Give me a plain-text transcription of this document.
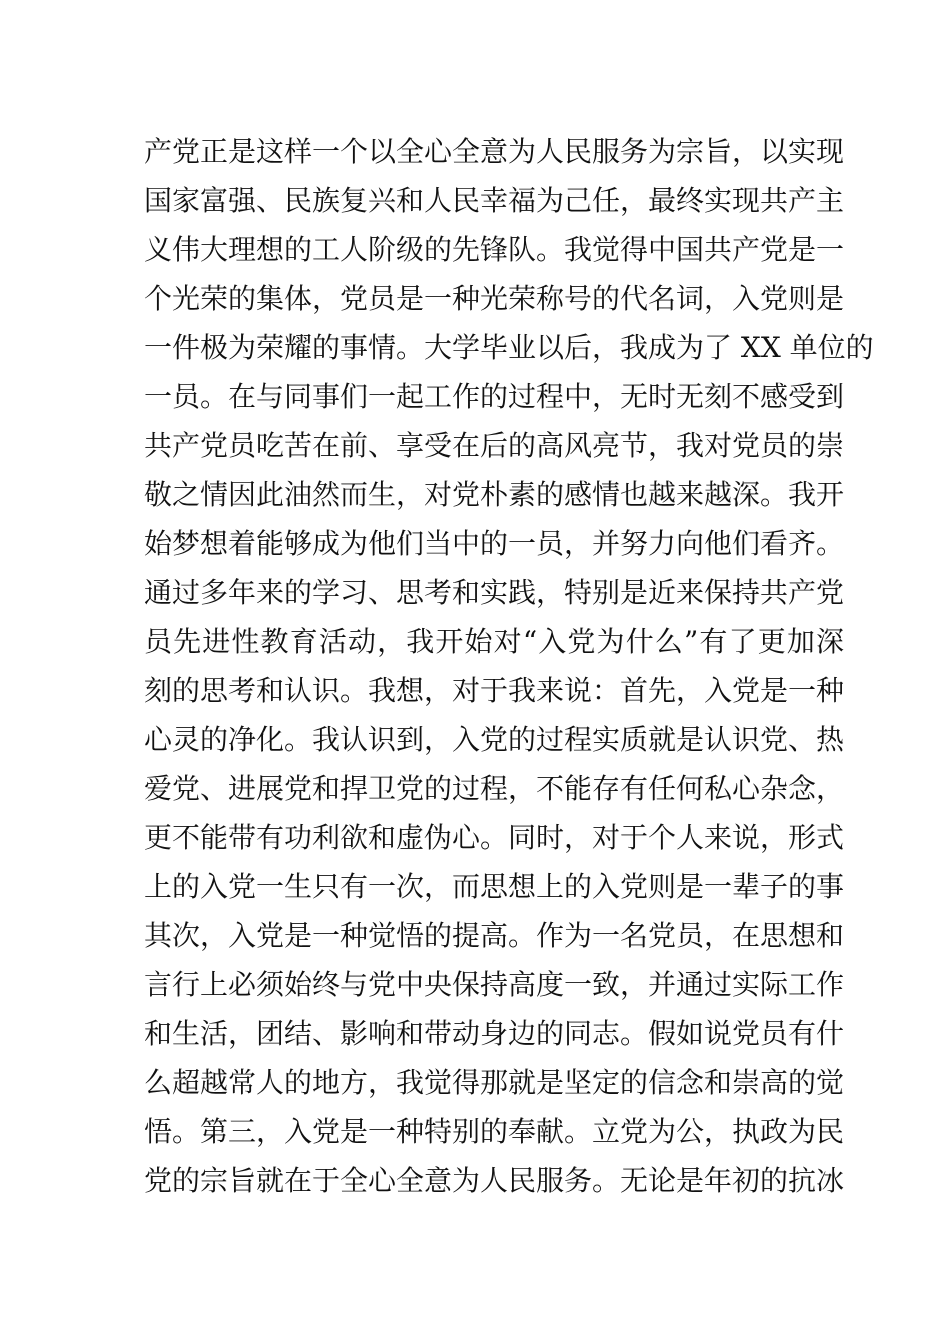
产党正是这样一个以全心全意为人民服务为宗旨，以实现
国家富强、民族复兴和人民幸福为己任，最终实现共产主
义伟大理想的工人阶级的先锋队。我觉得中国共产党是一
个光荣的集体，党员是一种光荣称号的代名词，入党则是
一件极为荣耀的事情。大学毕业以后，我成为了 XX 单位的
一员。在与同事们一起工作的过程中，无时无刻不感受到
共产党员吃苦在前、享受在后的高风亮节，我对党员的崇
敬之情因此油然而生，对党朴素的感情也越来越深。我开
始梦想着能够成为他们当中的一员，并努力向他们看齐。
通过多年来的学习、思考和实践，特别是近来保持共产党
员先进性教育活动，我开始对“入党为什么”有了更加深
刻的思考和认识。我想，对于我来说：首先，入党是一种
心灵的净化。我认识到，入党的过程实质就是认识党、热
爱党、进展党和捍卫党的过程，不能存有任何私心杂念，
更不能带有功利欲和虚伪心。同时，对于个人来说，形式
上的入党一生只有一次，而思想上的入党则是一辈子的事
其次，入党是一种觉悟的提高。作为一名党员，在思想和
言行上必须始终与党中央保持高度一致，并通过实际工作
和生活，团结、影响和带动身边的同志。假如说党员有什
么超越常人的地方，我觉得那就是坚定的信念和崇高的觉
悟。第三，入党是一种特别的奉献。立党为公，执政为民
党的宗旨就在于全心全意为人民服务。无论是年初的抗冰
